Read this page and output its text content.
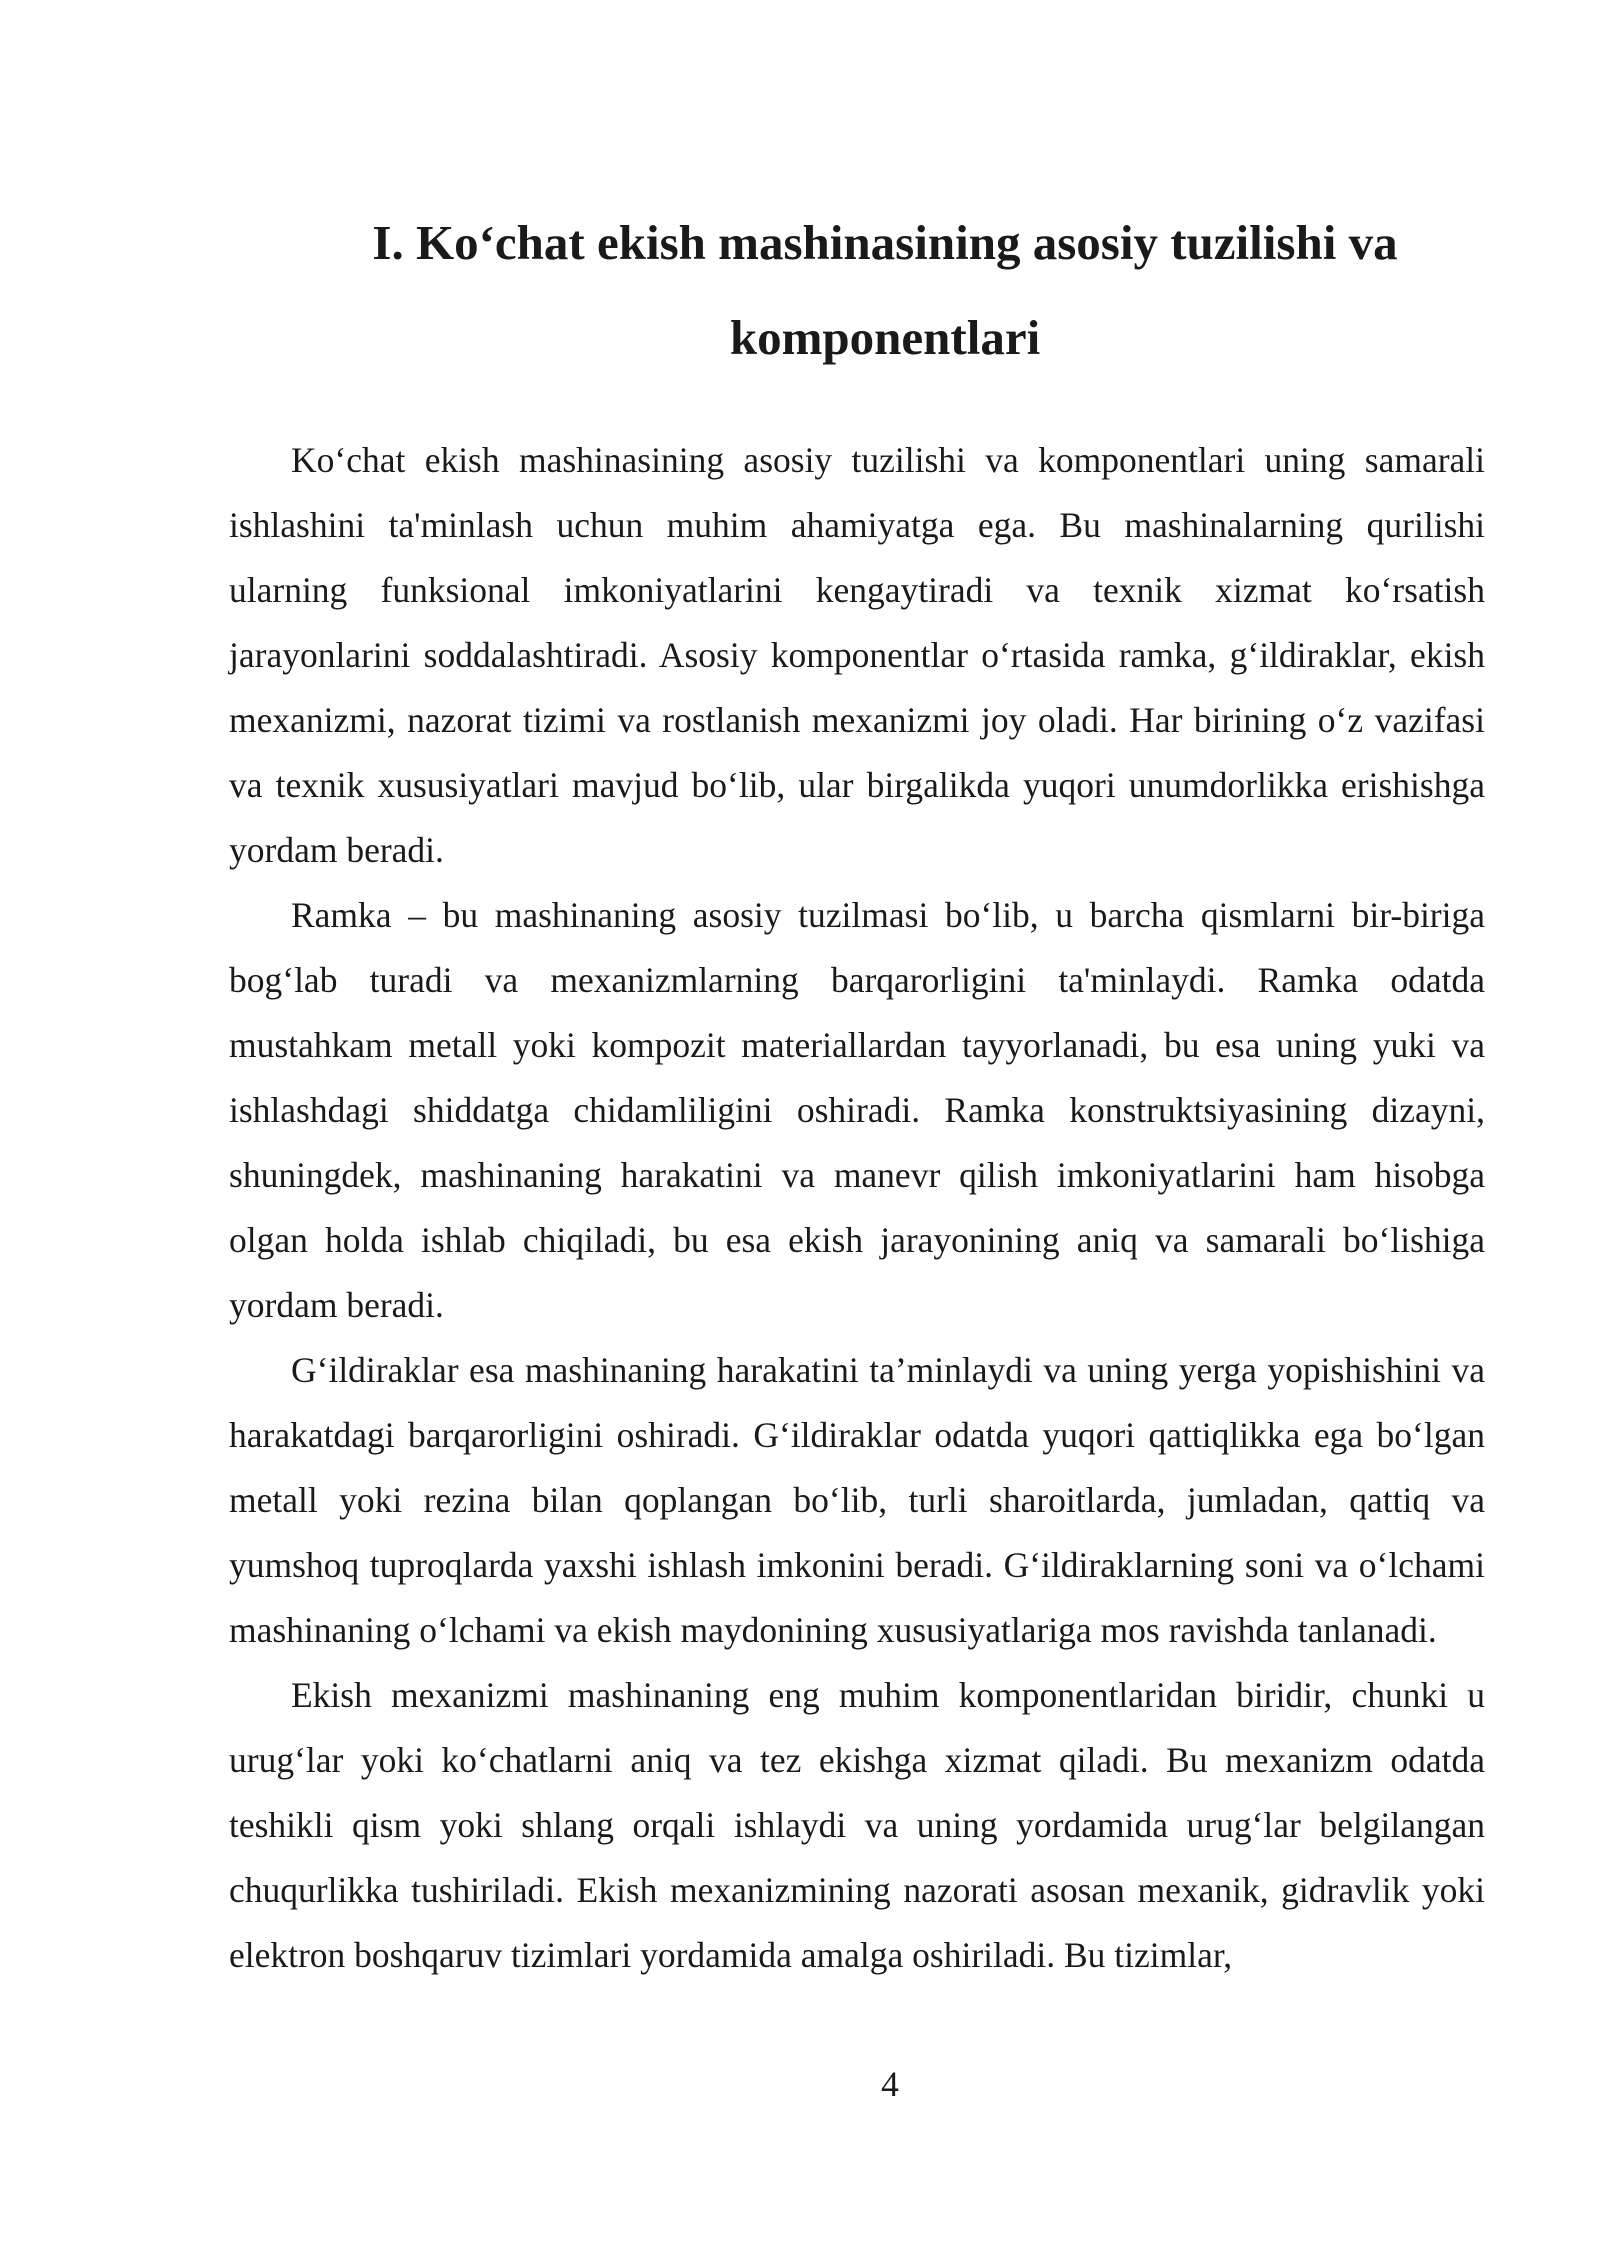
I. Ko‘chat ekish mashinasining asosiy tuzilishi va komponentlari

Ko‘chat ekish mashinasining asosiy tuzilishi va komponentlari uning samarali ishlashini ta'minlash uchun muhim ahamiyatga ega. Bu mashinalarning qurilishi ularning funksional imkoniyatlarini kengaytiradi va texnik xizmat ko‘rsatish jarayonlarini soddalashtiradi. Asosiy komponentlar o‘rtasida ramka, g‘ildiraklar, ekish mexanizmi, nazorat tizimi va rostlanish mexanizmi joy oladi. Har birining o‘z vazifasi va texnik xususiyatlari mavjud bo‘lib, ular birgalikda yuqori unumdorlikka erishishga yordam beradi.

Ramka – bu mashinaning asosiy tuzilmasi bo‘lib, u barcha qismlarni bir-biriga bog‘lab turadi va mexanizmlarning barqarorligini ta'minlaydi. Ramka odatda mustahkam metall yoki kompozit materiallardan tayyorlanadi, bu esa uning yuki va ishlashdagi shiddatga chidamliligini oshiradi. Ramka konstruktsiyasining dizayni, shuningdek, mashinaning harakatini va manevr qilish imkoniyatlarini ham hisobga olgan holda ishlab chiqiladi, bu esa ekish jarayonining aniq va samarali bo‘lishiga yordam beradi.

G‘ildiraklar esa mashinaning harakatini ta’minlaydi va uning yerga yopishishini va harakatdagi barqarorligini oshiradi. G‘ildiraklar odatda yuqori qattiqlikka ega bo‘lgan metall yoki rezina bilan qoplangan bo‘lib, turli sharoitlarda, jumladan, qattiq va yumshoq tuproqlarda yaxshi ishlash imkonini beradi. G‘ildiraklarning soni va o‘lchami mashinaning o‘lchami va ekish maydonining xususiyatlariga mos ravishda tanlanadi.

Ekish mexanizmi mashinaning eng muhim komponentlaridan biridir, chunki u urug‘lar yoki ko‘chatlarni aniq va tez ekishga xizmat qiladi. Bu mexanizm odatda teshikli qism yoki shlang orqali ishlaydi va uning yordamida urug‘lar belgilangan chuqurlikka tushiriladi. Ekish mexanizmining nazorati asosan mexanik, gidravlik yoki elektron boshqaruv tizimlari yordamida amalga oshiriladi. Bu tizimlar,

4
